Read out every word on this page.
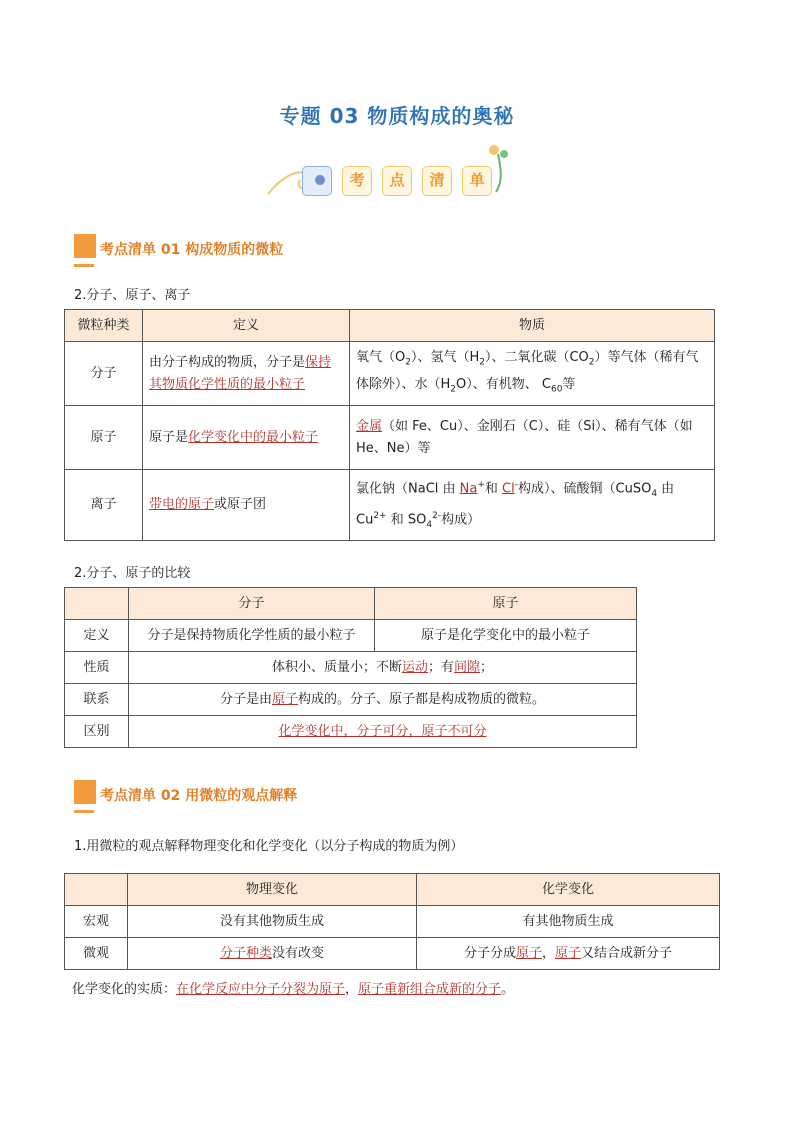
专题 03 物质构成的奥秘
考	点	清	单
考点清单 01 构成物质的微粒
2.分子、原子、离子
微粒种类	定义	物质
分子	由分子构成的物质，分子是保持其物质化学性质的最小粒子	氧气$(O_2)$、氢气$(H_2)$、二氧化碳$(CO_2)$等气体（稀有气体除外）、水$(H_2O)$、有机物、 $C_{60}$等
原子	原子是化学变化中的最小粒子	金属（如 Fe、Cu）、金刚石（C）、硅（Si）、稀有气体（如 He、Ne）等
离子	带电的原子或原子团	氯化钠（NaCl 由 Na+和 Cl-构成）、硫酸铜（CuSO$_4$ 由 $Cu^{2+}$ 和 $SO_4^{2-}$构成）
2.分子、原子的比较
	分子	原子
定义	分子是保持物质化学性质的最小粒子	原子是化学变化中的最小粒子
性质	体积小、质量小；不断运动；有间隙；	
联系	分子是由原子构成的。分子、原子都是构成物质的微粒。	
区别	化学变化中，分子可分，原子不可分	
考点清单 02 用微粒的观点解释
1.用微粒的观点解释物理变化和化学变化（以分子构成的物质为例）
	物理变化	化学变化
宏观	没有其他物质生成	有其他物质生成
微观	分子种类没有改变	分子分成原子，原子又结合成新分子
化学变化的实质：在化学反应中分子分裂为原子，原子重新组合成新的分子。
